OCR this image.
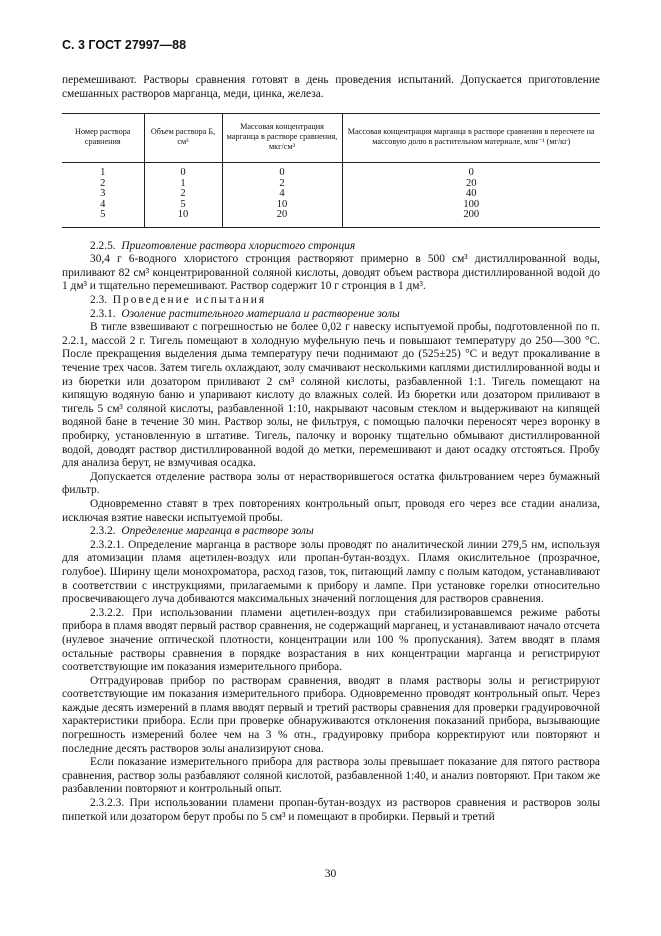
С. 3 ГОСТ 27997—88

перемешивают. Растворы сравнения готовят в день проведения испытаний. Допускается приготовление смешанных растворов марганца, меди, цинка, железа.

Номер раствора сравнения	Объем раствора Б, см³	Массовая концентрация марганца в растворе сравнения, мкг/см³	Массовая концентрация марганца в растворе сравнения в пересчете на массовую долю в растительном материале, млн⁻¹ (мг/кг)
1	0	0	0
2	1	2	20
3	2	4	40
4	5	10	100
5	10	20	200

2.2.5. Приготовление раствора хлористого стронция

30,4 г 6-водного хлористого стронция растворяют примерно в 500 см³ дистиллированной воды, приливают 82 см³ концентрированной соляной кислоты, доводят объем раствора дистиллированной водой до 1 дм³ и тщательно перемешивают. Раствор содержит 10 г стронция в 1 дм³.

2.3. Проведение испытания

2.3.1. Озоление растительного материала и растворение золы

В тигле взвешивают с погрешностью не более 0,02 г навеску испытуемой пробы, подготовленной по п. 2.2.1, массой 2 г. Тигель помещают в холодную муфельную печь и повышают температуру до 250—300 °С. После прекращения выделения дыма температуру печи поднимают до (525±25) °С и ведут прокаливание в течение трех часов. Затем тигель охлаждают, золу смачивают несколькими каплями дистиллированной воды и из бюретки или дозатором приливают 2 см³ соляной кислоты, разбавленной 1:1. Тигель помещают на кипящую водяную баню и упаривают кислоту до влажных солей. Из бюретки или дозатором приливают в тигель 5 см³ соляной кислоты, разбавленной 1:10, накрывают часовым стеклом и выдерживают на кипящей водяной бане в течение 30 мин. Раствор золы, не фильтруя, с помощью палочки переносят через воронку в пробирку, установленную в штативе. Тигель, палочку и воронку тщательно обмывают дистиллированной водой, доводят раствор дистиллированной водой до метки, перемешивают и дают осадку отстояться. Пробу для анализа берут, не взмучивая осадка.

Допускается отделение раствора золы от нерастворившегося остатка фильтрованием через бумажный фильтр.

Одновременно ставят в трех повторениях контрольный опыт, проводя его через все стадии анализа, исключая взятие навески испытуемой пробы.

2.3.2. Определение марганца в растворе золы

2.3.2.1. Определение марганца в растворе золы проводят по аналитической линии 279,5 нм, используя для атомизации пламя ацетилен-воздух или пропан-бутан-воздух. Пламя окислительное (прозрачное, голубое). Ширину щели монохроматора, расход газов, ток, питающий лампу с полым катодом, устанавливают в соответствии с инструкциями, прилагаемыми к прибору и лампе. При установке горелки относительно просвечивающего луча добиваются максимальных значений поглощения для растворов сравнения.

2.3.2.2. При использовании пламени ацетилен-воздух при стабилизировавшемся режиме работы прибора в пламя вводят первый раствор сравнения, не содержащий марганец, и устанавливают начало отсчета (нулевое значение оптической плотности, концентрации или 100 % пропускания). Затем вводят в пламя остальные растворы сравнения в порядке возрастания в них концентрации марганца и регистрируют соответствующие им показания измерительного прибора.

Отградуировав прибор по растворам сравнения, вводят в пламя растворы золы и регистрируют соответствующие им показания измерительного прибора. Одновременно проводят контрольный опыт. Через каждые десять измерений в пламя вводят первый и третий растворы сравнения для проверки градуировочной характеристики прибора. Если при проверке обнаруживаются отклонения показаний прибора, вызывающие погрешность измерений более чем на 3 % отн., градуировку прибора корректируют или повторяют и последние десять растворов золы анализируют снова.

Если показание измерительного прибора для раствора золы превышает показание для пятого раствора сравнения, раствор золы разбавляют соляной кислотой, разбавленной 1:40, и анализ повторяют. При таком же разбавлении повторяют и контрольный опыт.

2.3.2.3. При использовании пламени пропан-бутан-воздух из растворов сравнения и растворов золы пипеткой или дозатором берут пробы по 5 см³ и помещают в пробирки. Первый и третий

30
